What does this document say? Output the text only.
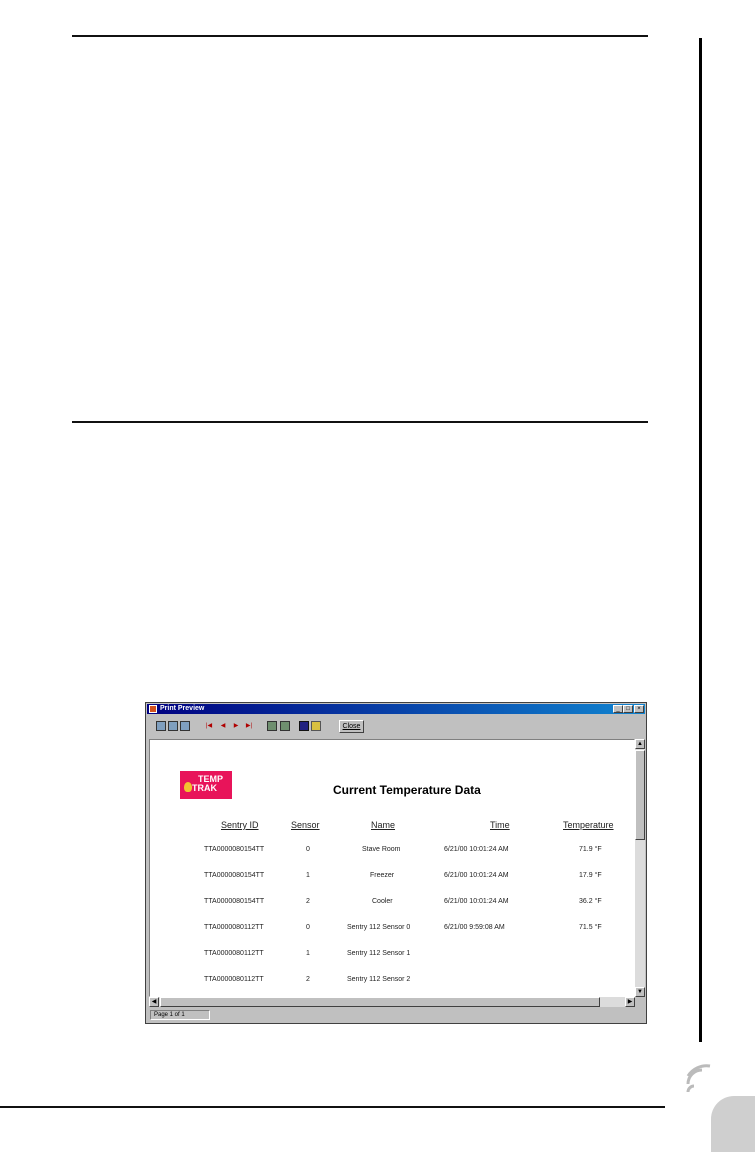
Print Preview	_	□	×
|◀	◀	▶	▶|	Close
TEMP
TRAK	Current Temperature Data
Sentry ID	Sensor	Name	Time	Temperature
TTA0000080154TT	0	Stave Room	6/21/00 10:01:24 AM	71.9 °F
TTA0000080154TT	1	Freezer	6/21/00 10:01:24 AM	17.9 °F
TTA0000080154TT	2	Cooler	6/21/00 10:01:24 AM	36.2 °F
TTA0000080112TT	0	Sentry 112 Sensor 0	6/21/00 9:59:08 AM	71.5 °F
TTA0000080112TT	1	Sentry 112 Sensor 1
TTA0000080112TT	2	Sentry 112 Sensor 2
▲
▼
◀	▶
Page 1 of 1
